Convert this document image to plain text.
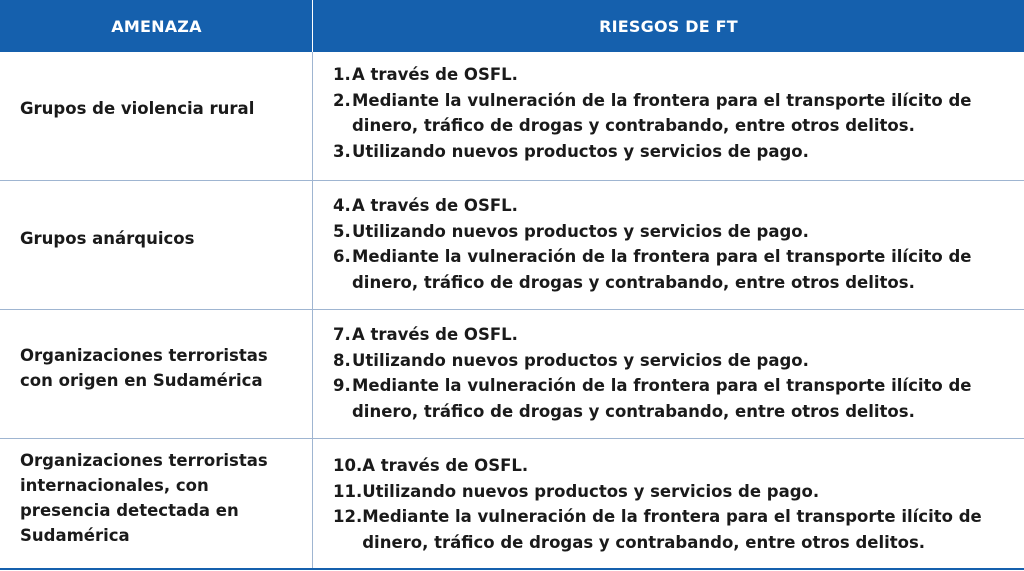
AMENAZA	RIESGOS DE FT
Grupos de violencia rural
1. A través de OSFL.
2. Mediante la vulneración de la frontera para el transporte ilícito de dinero, tráfico de drogas y contrabando, entre otros delitos.
3. Utilizando nuevos productos y servicios de pago.
Grupos anárquicos
4. A través de OSFL.
5. Utilizando nuevos productos y servicios de pago.
6. Mediante la vulneración de la frontera para el transporte ilícito de dinero, tráfico de drogas y contrabando, entre otros delitos.
Organizaciones terroristas con origen en Sudamérica
7. A través de OSFL.
8. Utilizando nuevos productos y servicios de pago.
9. Mediante la vulneración de la frontera para el transporte ilícito de dinero, tráfico de drogas y contrabando, entre otros delitos.
Organizaciones terroristas internacionales, con presencia detectada en Sudamérica
10. A través de OSFL.
11. Utilizando nuevos productos y servicios de pago.
12. Mediante la vulneración de la frontera para el transporte ilícito de dinero, tráfico de drogas y contrabando, entre otros delitos.
